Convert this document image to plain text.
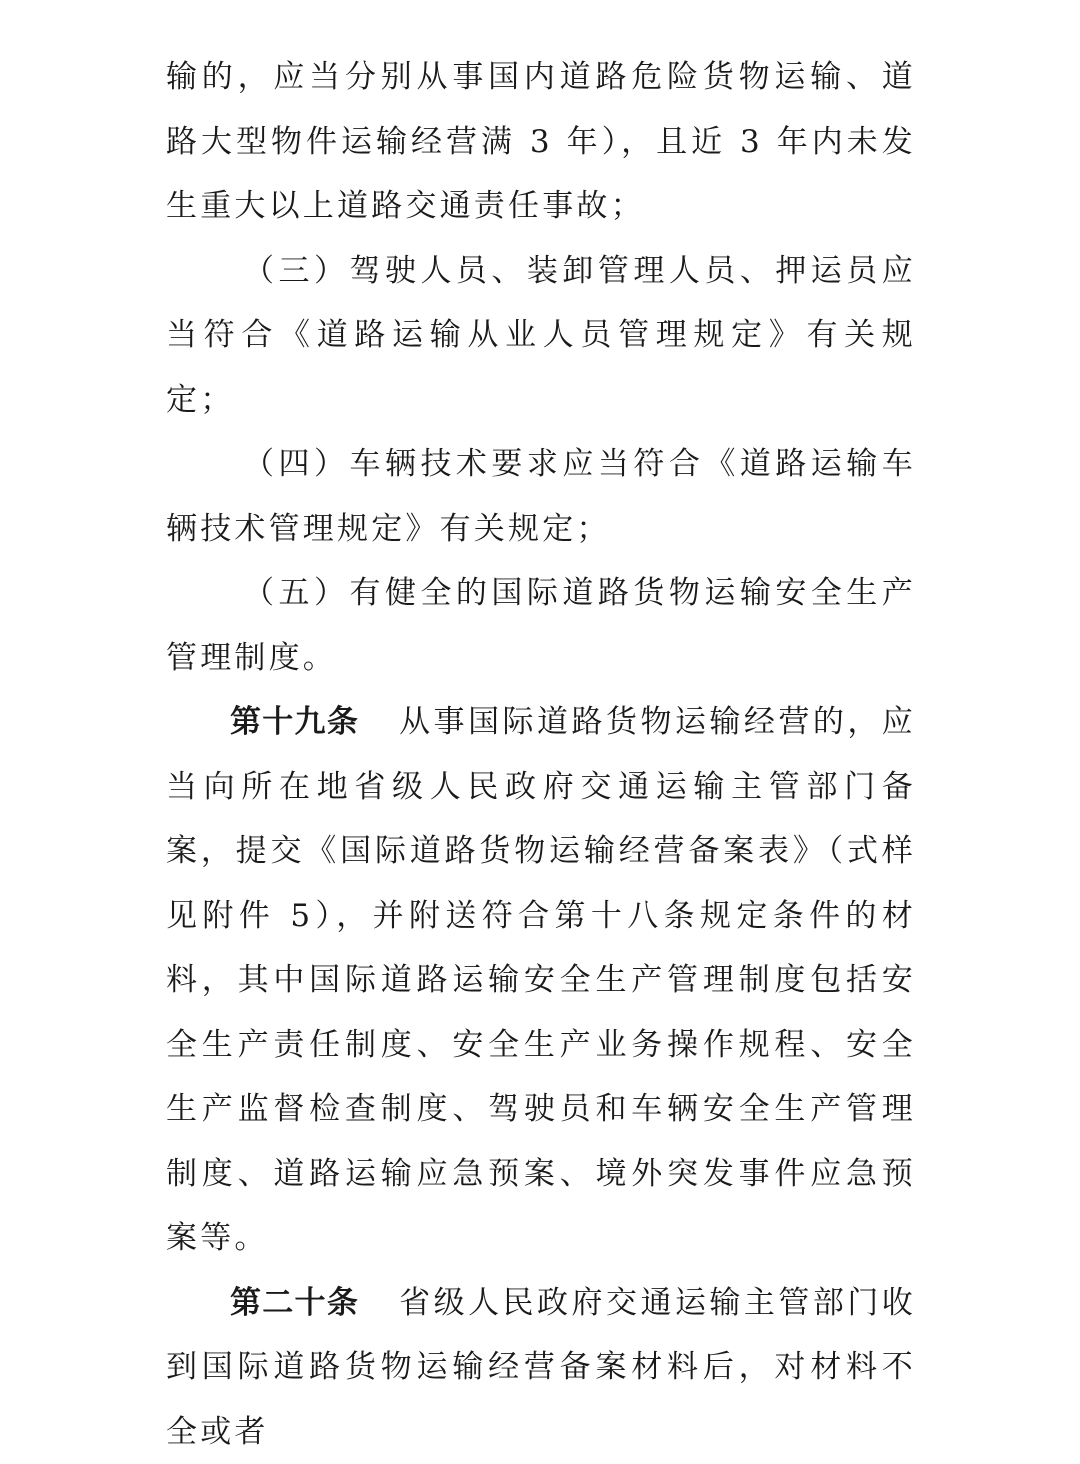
输的，应当分别从事国内道路危险货物运输、道路大型物件运输经营满 3 年），且近 3 年内未发生重大以上道路交通责任事故；

（三）驾驶人员、装卸管理人员、押运员应当符合《道路运输从业人员管理规定》有关规定；

（四）车辆技术要求应当符合《道路运输车辆技术管理规定》有关规定；

（五）有健全的国际道路货物运输安全生产管理制度。

第十九条 从事国际道路货物运输经营的，应当向所在地省级人民政府交通运输主管部门备案，提交《国际道路货物运输经营备案表》（式样见附件 5），并附送符合第十八条规定条件的材料，其中国际道路运输安全生产管理制度包括安全生产责任制度、安全生产业务操作规程、安全生产监督检查制度、驾驶员和车辆安全生产管理制度、道路运输应急预案、境外突发事件应急预案等。

第二十条 省级人民政府交通运输主管部门收到国际道路货物运输经营备案材料后，对材料不全或者
